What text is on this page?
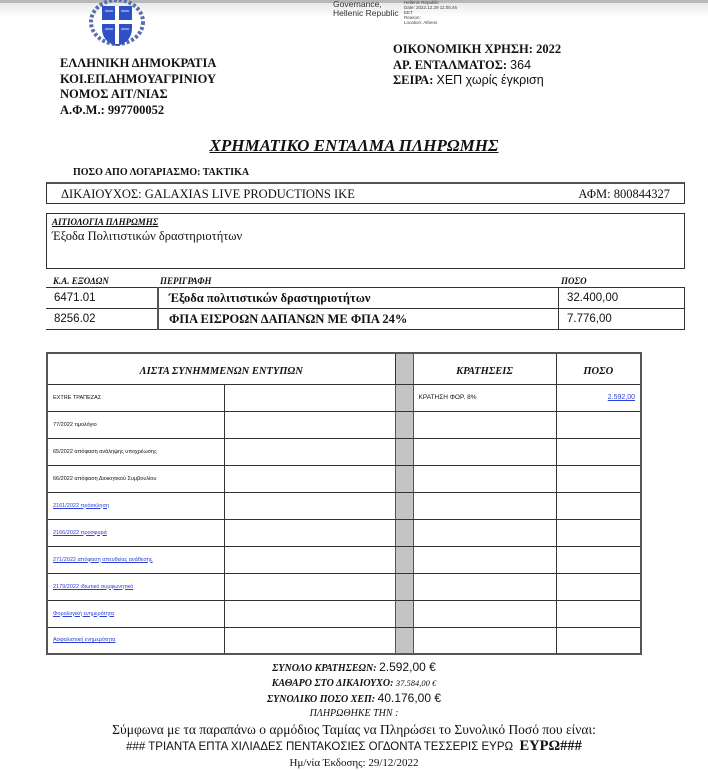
ΕΛΛΗΝΙΚΗ ΔΗΜΟΚΡΑΤΙΑ
ΚΟΙ.ΕΠ.ΔΗΜΟΥΑΓΡΙΝΙΟΥ
ΝΟΜΟΣ ΑΙΤ/ΝΙΑΣ
Α.Φ.Μ.: 997700052
Governance,
Hellenic Republic
Hellenic Republic
Date: 2022.12.29 11:05:46
EET
Reason:
Location: Athens
ΟΙΚΟΝΟΜΙΚΗ ΧΡΗΣΗ: 2022
ΑΡ. ΕΝΤΑΛΜΑΤΟΣ: 364
ΣΕΙΡΑ: ΧΕΠ χωρίς έγκριση
ΧΡΗΜΑΤΙΚΟ ΕΝΤΑΛΜΑ ΠΛΗΡΩΜΗΣ
ΠΟΣΟ ΑΠΟ ΛΟΓΑΡΙΑΣΜΟ: ΤΑΚΤΙΚΑ
ΔΙΚΑΙΟΥΧΟΣ: GALAXIAS LIVE PRODUCTIONS IKE	ΑΦΜ: 800844327
ΑΙΤΙΟΛΟΓΙΑ ΠΛΗΡΩΜΗΣ
Έξοδα Πολιτιστικών δραστηριοτήτων
Κ.Α. ΕΞΟΔΩΝ	ΠΕΡΙΓΡΑΦΗ	ΠΟΣΟ
6471.01	Έξοδα πολιτιστικών δραστηριοτήτων	32.400,00
8256.02	ΦΠΑ ΕΙΣΡΟΩΝ ΔΑΠΑΝΩΝ ΜΕ ΦΠΑ 24%	7.776,00
ΛΙΣΤΑ ΣΥΝΗΜΜΕΝΩΝ ΕΝΤΥΠΩΝ			ΚΡΑΤΗΣΕΙΣ	ΠΟΣΟ
EXTRE ΤΡΑΠΕΖΑΣ			ΚΡΑΤΗΣΗ ΦΟΡ. 8%	2.592,00
77/2022 τιμολόγιο				
65/2022 απόφαση ανάληψης υποχρέωσης				
66/2022 απόφαση Διοικητικού Συμβουλίου				
2161/2022 πρόσκληση				
2166/2022 προσφορά				
271/2022 απόφαση απευθείας ανάθεσης				
2179/2022 ιδιωτικό συμφωνητικό				
Φορολογική ενημερότητα				
Ασφαλιστική ενημερότητα				
ΣΥΝΟΛΟ ΚΡΑΤΗΣΕΩΝ: 2.592,00 €
ΚΑΘΑΡΟ ΣΤΟ ΔΙΚΑΙΟΥΧΟ: 37.584,00 €
ΣΥΝΟΛΙΚΟ ΠΟΣΟ ΧΕΠ: 40.176,00 €
ΠΛΗΡΩΘΗΚΕ ΤΗΝ :
Σύμφωνα με τα παραπάνω ο αρμόδιος Ταμίας να Πληρώσει το Συνολικό Ποσό που είναι:
### ΤΡΙΑΝΤΑ ΕΠΤΑ ΧΙΛΙΑΔΕΣ ΠΕΝΤΑΚΟΣΙΕΣ ΟΓΔΟΝΤΑ ΤΕΣΣΕΡΙΣ ΕΥΡΩ ΕΥΡΩ###
Ημ/νία Έκδοσης: 29/12/2022
